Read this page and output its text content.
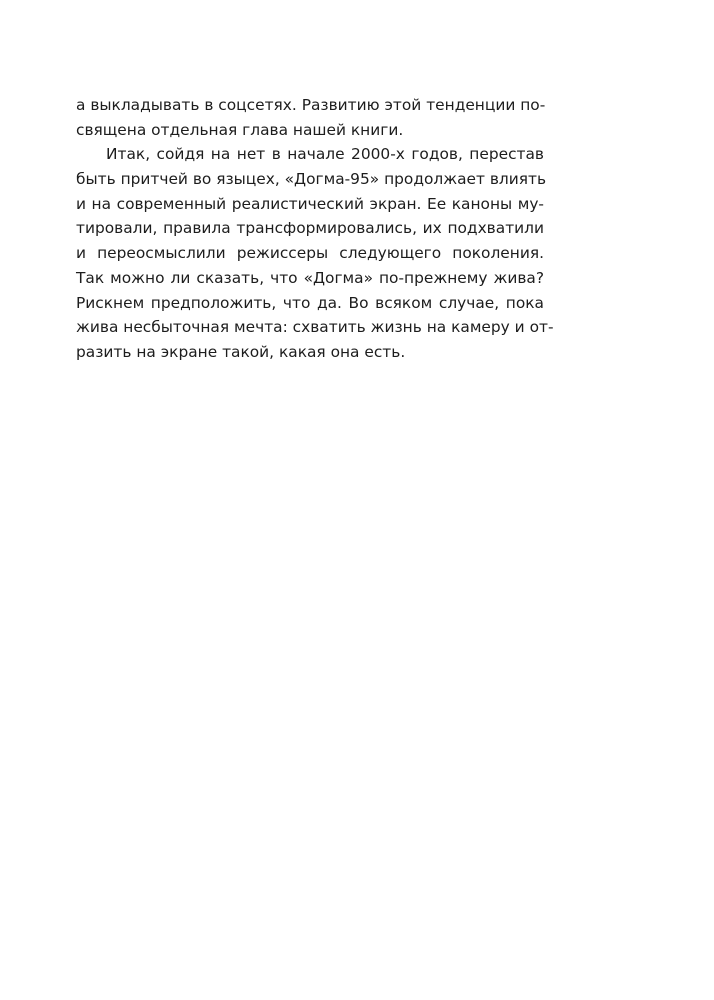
а выкладывать в соцсетях. Развитию этой тенденции по-
священа отдельная глава нашей книги.
Итак, сойдя на нет в начале 2000-х годов, перестав
быть притчей во языцех, «Догма-95» продолжает влиять
и на современный реалистический экран. Ее каноны му-
тировали, правила трансформировались, их подхватили
и переосмыслили режиссеры следующего поколения.
Так можно ли сказать, что «Догма» по-прежнему жива?
Рискнем предположить, что да. Во всяком случае, пока
жива несбыточная мечта: схватить жизнь на камеру и от-
разить на экране такой, какая она есть.
